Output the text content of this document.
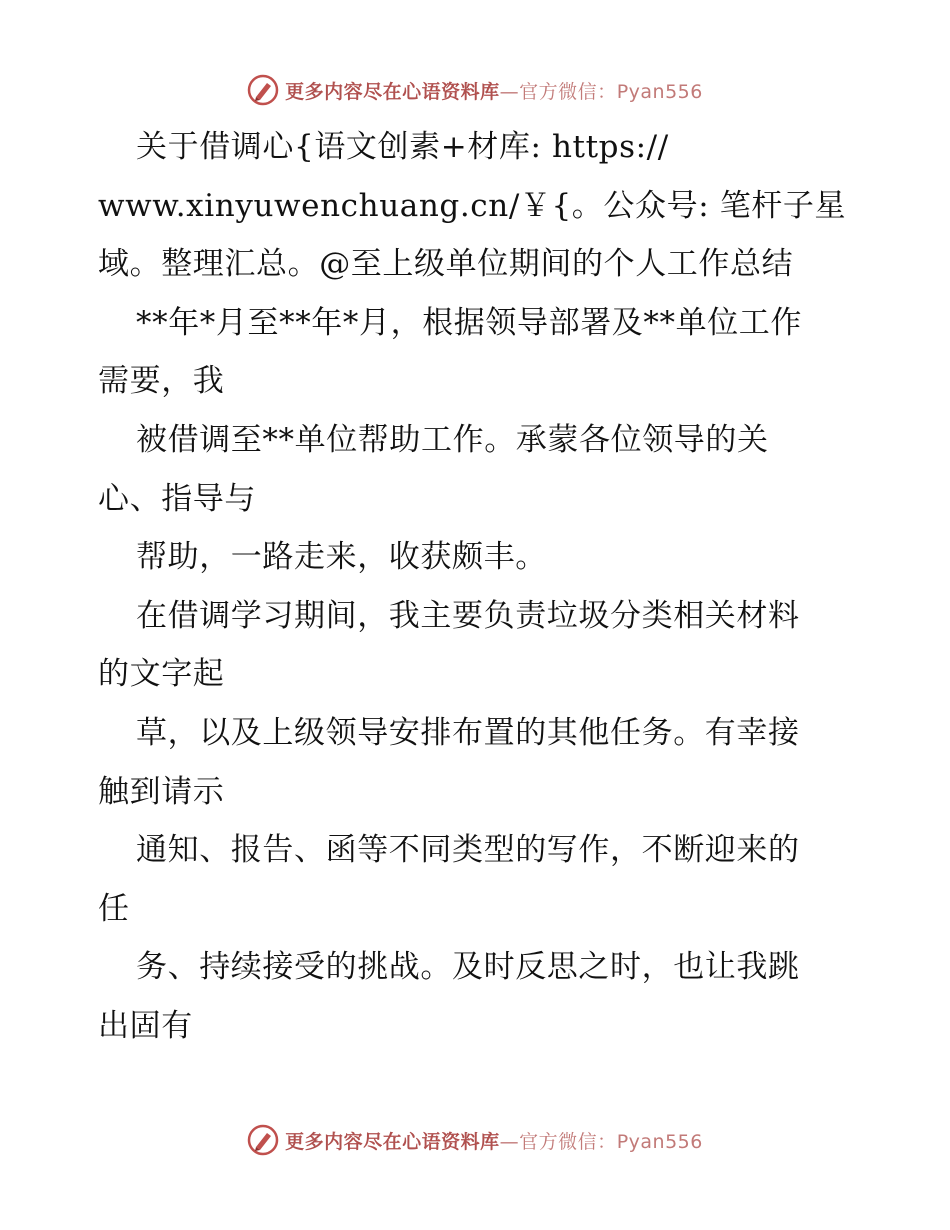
更多内容尽在心语资料库—官方微信：Pyan556
关于借调心{语文创素+材库: https://
www.xinyuwenchuang.cn/￥{。公众号: 笔杆子星
域。整理汇总。@至上级单位期间的个人工作总结
**年*月至**年*月，根据领导部署及**单位工作
需要，我
被借调至**单位帮助工作。承蒙各位领导的关
心、指导与
帮助，一路走来，收获颇丰。
在借调学习期间，我主要负责垃圾分类相关材料
的文字起
草，以及上级领导安排布置的其他任务。有幸接
触到请示
通知、报告、函等不同类型的写作，不断迎来的
任
务、持续接受的挑战。及时反思之时，也让我跳
出固有
更多内容尽在心语资料库—官方微信：Pyan556
